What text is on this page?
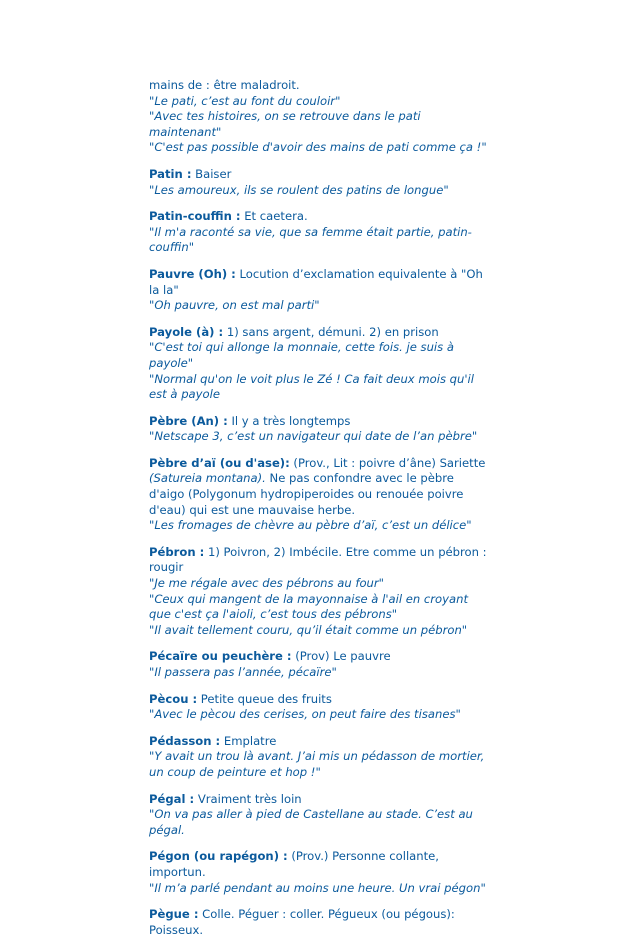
mains de : être maladroit.

"Le pati, c’est au font du couloir"

"Avec tes histoires, on se retrouve dans le pati maintenant"

"C'est pas possible d'avoir des mains de pati comme ça !"

Patin : Baiser

"Les amoureux, ils se roulent des patins de longue"

Patin-couffin : Et caetera.

"Il m'a raconté sa vie, que sa femme était partie, patin-couffin"

Pauvre (Oh) : Locution d’exclamation equivalente à "Oh la la"

"Oh pauvre, on est mal parti"

Payole (à) : 1) sans argent, démuni. 2) en prison

"C'est toi qui allonge la monnaie, cette fois. je suis à payole"

"Normal qu'on le voit plus le Zé ! Ca fait deux mois qu'il est à payole

Pèbre (An) : Il y a très longtemps

"Netscape 3, c’est un navigateur qui date de l’an pèbre"

Pèbre d’aï (ou d'ase): (Prov., Lit : poivre d’âne) Sariette (Satureia montana). Ne pas confondre avec le pèbre d'aigo (Polygonum hydropiperoides ou renouée poivre d'eau) qui est une mauvaise herbe.

"Les fromages de chèvre au pèbre d’aï, c’est un délice"

Pébron : 1) Poivron, 2) Imbécile. Etre comme un pébron : rougir

"Je me régale avec des pébrons au four"

"Ceux qui mangent de la mayonnaise à l'ail en croyant que c'est ça l'aioli, c’est tous des pébrons"

"Il avait tellement couru, qu’il était comme un pébron"

Pécaïre ou peuchère : (Prov) Le pauvre

"Il passera pas l’année, pécaïre"

Pècou : Petite queue des fruits

"Avec le pècou des cerises, on peut faire des tisanes"

Pédasson : Emplatre

"Y avait un trou là avant. J’ai mis un pédasson de mortier, un coup de peinture et hop !"

Pégal : Vraiment très loin

"On va pas aller à pied de Castellane au stade. C’est au pégal.

Pégon (ou rapégon) : (Prov.) Personne collante, importun.

"Il m’a parlé pendant au moins une heure. Un vrai pégon"

Pègue : Colle. Péguer : coller. Pégueux (ou pégous): Poisseux.
